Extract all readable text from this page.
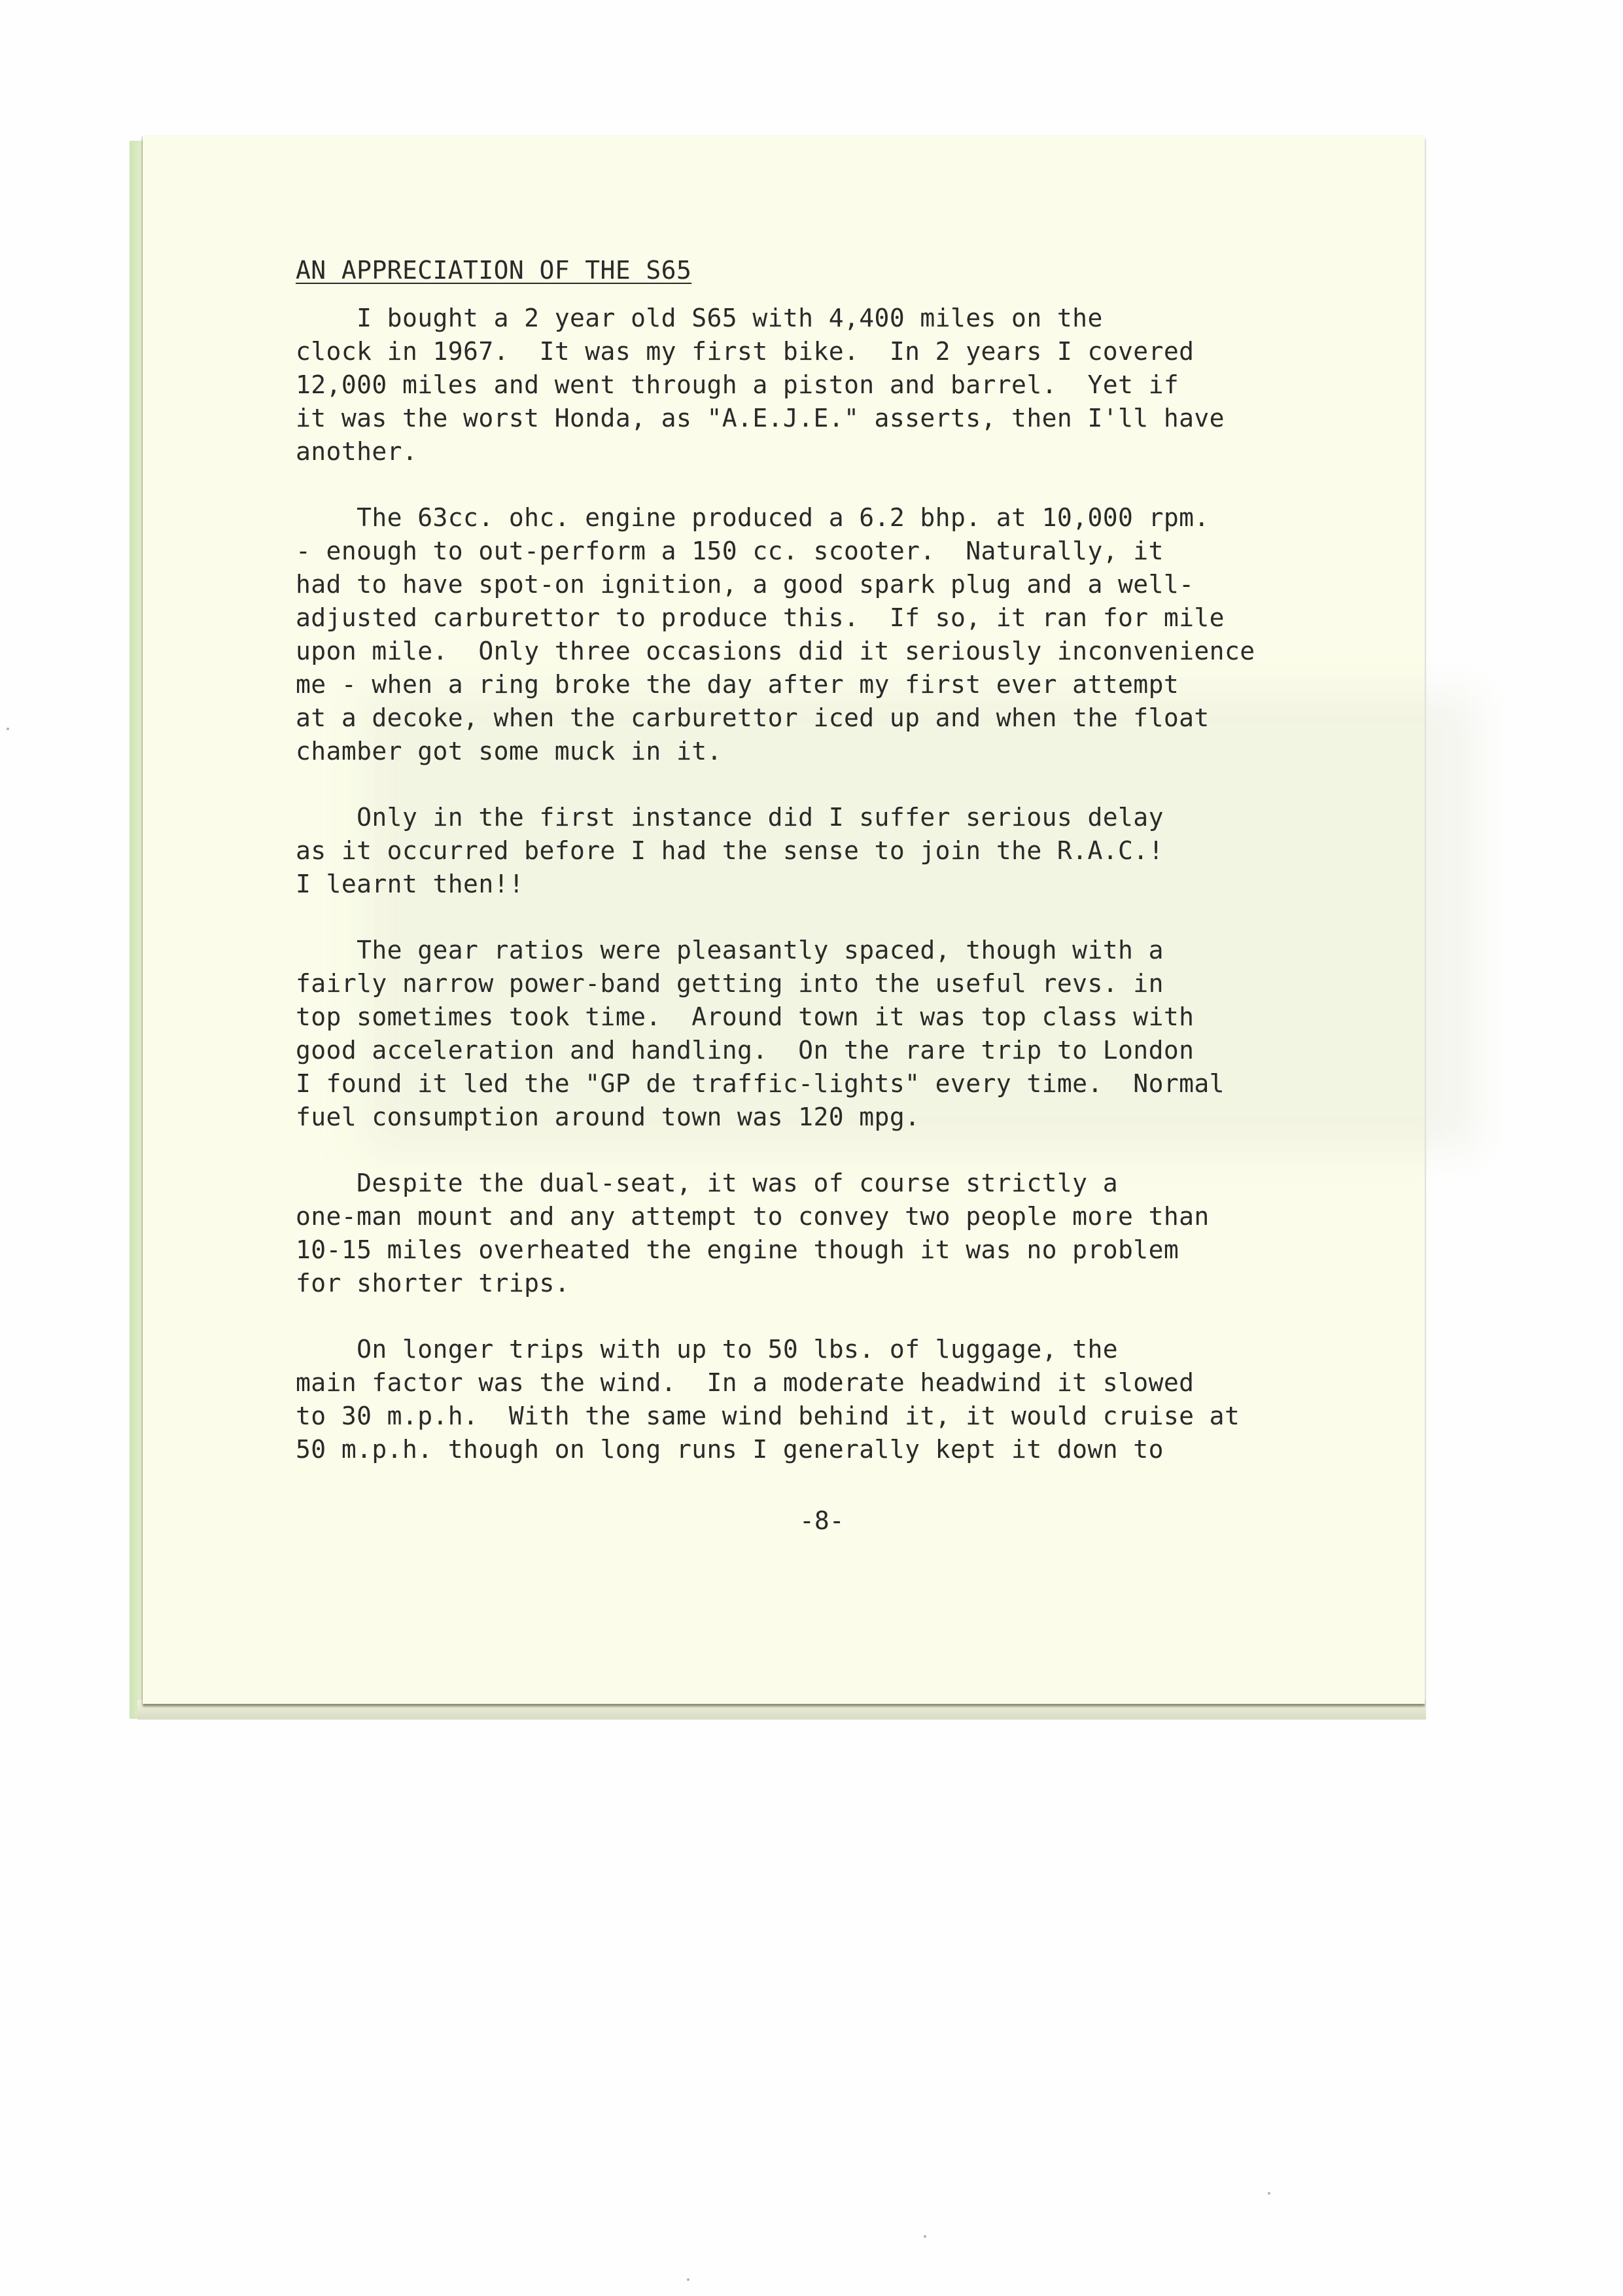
AN APPRECIATION OF THE S65
I bought a 2 year old S65 with 4,400 miles on the
clock in 1967.  It was my first bike.  In 2 years I covered
12,000 miles and went through a piston and barrel.  Yet if
it was the worst Honda, as "A.E.J.E." asserts, then I'll have
another.
The 63cc. ohc. engine produced a 6.2 bhp. at 10,000 rpm.
- enough to out-perform a 150 cc. scooter.  Naturally, it
had to have spot-on ignition, a good spark plug and a well-
adjusted carburettor to produce this.  If so, it ran for mile
upon mile.  Only three occasions did it seriously inconvenience
me - when a ring broke the day after my first ever attempt
at a decoke, when the carburettor iced up and when the float
chamber got some muck in it.
Only in the first instance did I suffer serious delay
as it occurred before I had the sense to join the R.A.C.!
I learnt then!!
The gear ratios were pleasantly spaced, though with a
fairly narrow power-band getting into the useful revs. in
top sometimes took time.  Around town it was top class with
good acceleration and handling.  On the rare trip to London
I found it led the "GP de traffic-lights" every time.  Normal
fuel consumption around town was 120 mpg.
Despite the dual-seat, it was of course strictly a
one-man mount and any attempt to convey two people more than
10-15 miles overheated the engine though it was no problem
for shorter trips.
On longer trips with up to 50 lbs. of luggage, the
main factor was the wind.  In a moderate headwind it slowed
to 30 m.p.h.  With the same wind behind it, it would cruise at
50 m.p.h. though on long runs I generally kept it down to
-8-
